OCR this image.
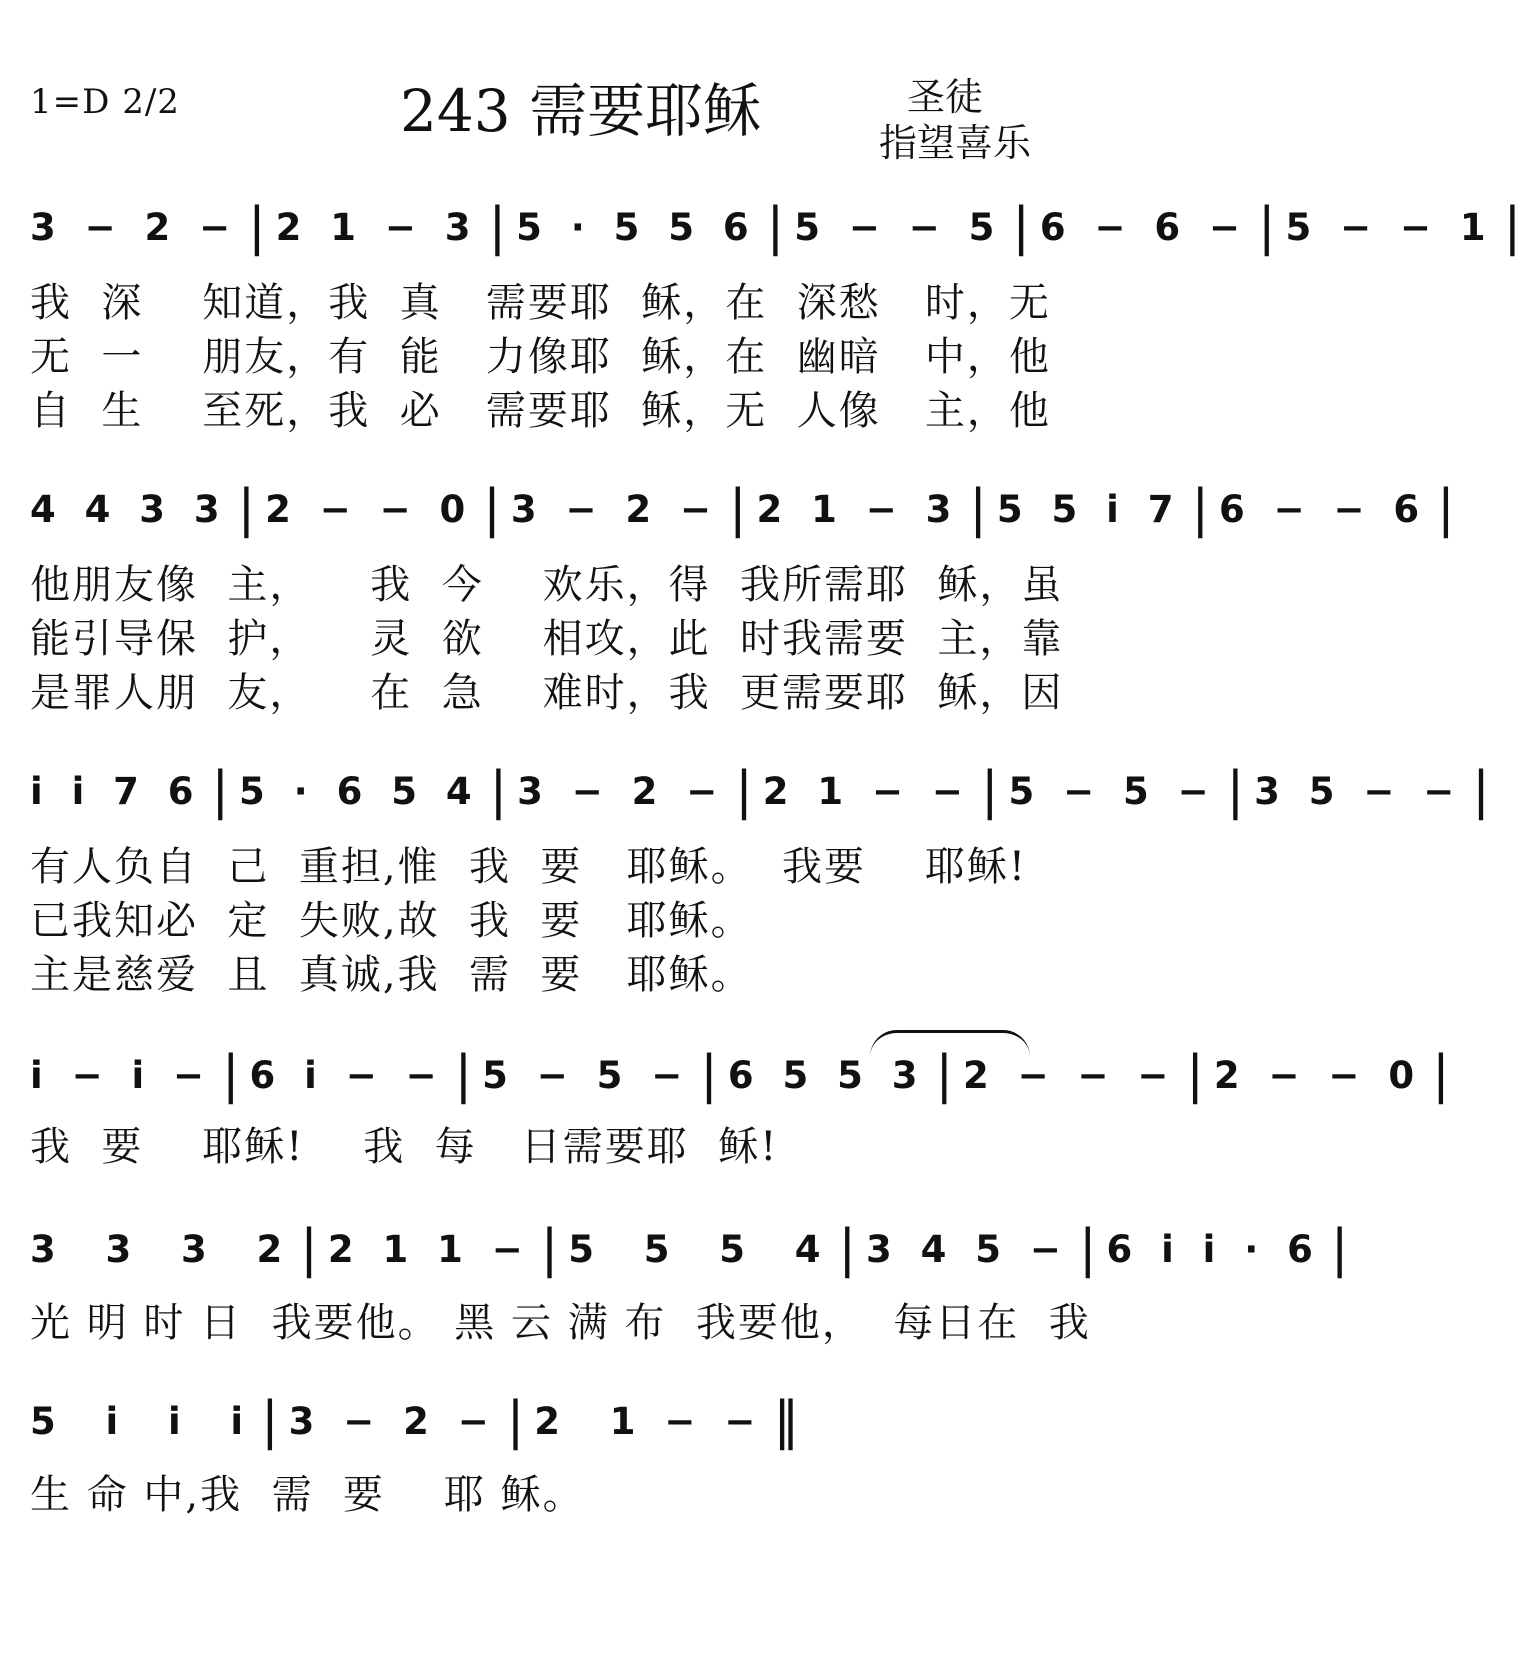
1=D 2/2	243 需要耶稣	圣徒
指望喜乐
3 − 2 − | 2 1 − 3 | 5 · 5 5 6 | 5 − − 5 | 6 − 6 − | 5 − − 1 |
我  深    知道，我  真   需要耶  稣，在  深愁   时，无
无  一    朋友，有  能   力像耶  稣，在  幽暗   中，他
自  生    至死，我  必   需要耶  稣，无  人像   主，他
4 4 3 3 | 2 − − 0 | 3 − 2 − | 2 1 − 3 | 5 5 i 7 | 6 − − 6 |
他朋友像  主，    我  今    欢乐，得  我所需耶  稣，虽
能引导保  护，    灵  欲    相攻，此  时我需要  主，靠
是罪人朋  友，    在  急    难时，我  更需要耶  稣，因
i i 7 6 | 5 · 6 5 4 | 3 − 2 − | 2 1 − − | 5 − 5 − | 3 5 − − |
有人负自  己  重担,惟  我  要   耶稣。  我要    耶稣!
已我知必  定  失败,故  我  要   耶稣。
主是慈爱  且  真诚,我  需  要   耶稣。
i − i − | 6 i − − | 5 − 5 − | 6 5 5 3 | 2 − − − | 2 − − 0 |
我  要    耶稣!    我  每   日需要耶  稣!
3  3  3  2 | 2 1 1 − | 5  5  5  4 | 3 4 5 − | 6 i i · 6 |
光 明 时 日  我要他。 黑 云 满 布  我要他，  每日在  我
5  i  i  i | 3 − 2 − | 2  1 − − ‖
生 命 中,我  需  要    耶 稣。
